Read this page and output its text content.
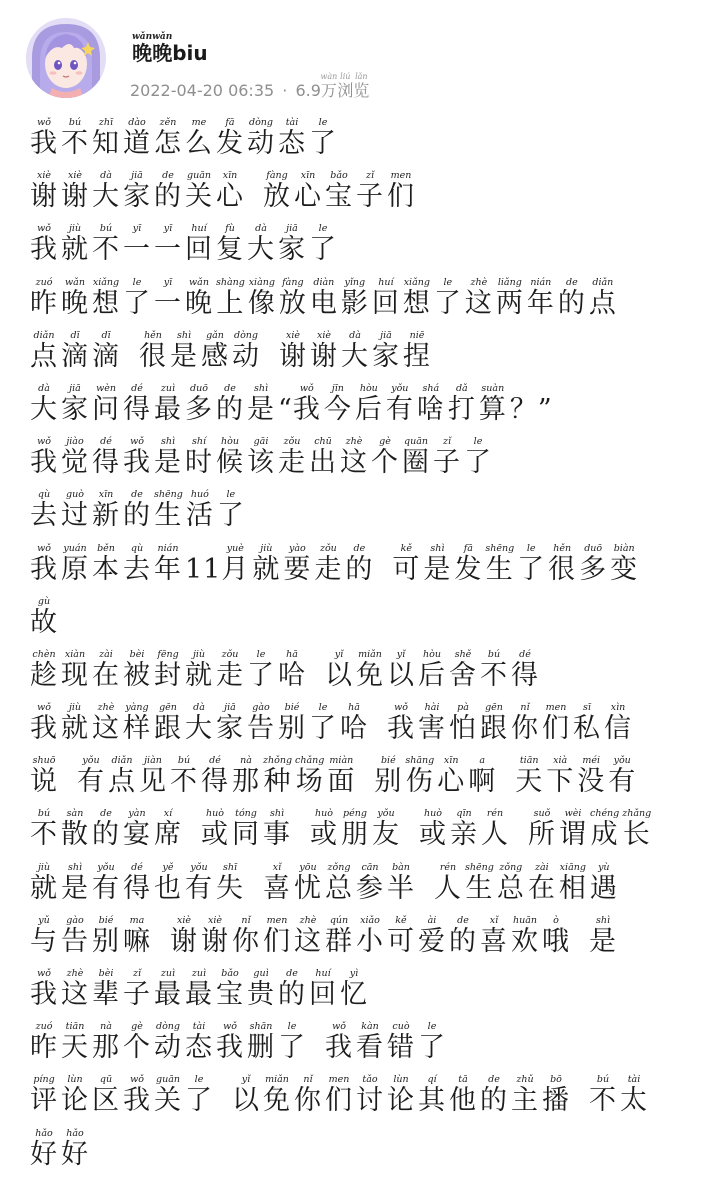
晚wǎn晚wǎnbiu
2022-04-20 06:35 · 6.9万wàn浏liú览lǎn
我wǒ不bú知zhī道dào怎zěn么me发fā动dòng态tài了le
谢xiè谢xiè大dà家jiā的de关guān心xīn放fàng心xīn宝bǎo子zǐ们men
我wǒ就jiù不bú一yī一yī回huí复fù大dà家jiā了le
昨zuó晚wǎn想xiǎng了le一yī晚wǎn上shàng像xiàng放fàng电diàn影yǐng回huí想xiǎng了le这zhè两liǎng年nián的de点diǎn
点diǎn滴dī滴dī很hěn是shì感gǎn动dòng谢xiè谢xiè大dà家jiā捏niē
大dà家jiā问wèn得dé最zuì多duō的de是shì“我wǒ今jīn后hòu有yǒu啥shá打dǎ算suàn？”
我wǒ觉jiào得dé我wǒ是shì时shí候hòu该gāi走zǒu出chū这zhè个gè圈quān子zǐ了le
去qù过guò新xīn的de生shēng活huó了le
我wǒ原yuán本běn去qù年nián11月yuè就jiù要yào走zǒu的de可kě是shì发fā生shēng了le很hěn多duō变biàn
故gù
趁chèn现xiàn在zài被bèi封fēng就jiù走zǒu了le哈hā以yǐ免miǎn以yǐ后hòu舍shě不bú得dé
我wǒ就jiù这zhè样yàng跟gēn大dà家jiā告gào别bié了le哈hā我wǒ害hài怕pà跟gēn你nǐ们men私sī信xìn
说shuō有yǒu点diǎn见jiàn不bú得dé那nà种zhǒng场chǎng面miàn别bié伤shāng心xīn啊a天tiān下xià没méi有yǒu
不bú散sàn的de宴yàn席xí或huò同tóng事shì或huò朋péng友yǒu或huò亲qīn人rén所suǒ谓wèi成chéng长zhǎng
就jiù是shì有yǒu得dé也yě有yǒu失shī喜xǐ忧yōu总zǒng参cān半bàn人rén生shēng总zǒng在zài相xiāng遇yù
与yǔ告gào别bié嘛ma谢xiè谢xiè你nǐ们men这zhè群qún小xiǎo可kě爱ài的de喜xǐ欢huān哦ò是shì
我wǒ这zhè辈bèi子zǐ最zuì最zuì宝bǎo贵guì的de回huí忆yì
昨zuó天tiān那nà个gè动dòng态tài我wǒ删shān了le我wǒ看kàn错cuò了le
评píng论lùn区qū我wǒ关guān了le以yǐ免miǎn你nǐ们men讨tǎo论lùn其qí他tā的de主zhǔ播bō不bú太tài
好hǎo好hǎo
